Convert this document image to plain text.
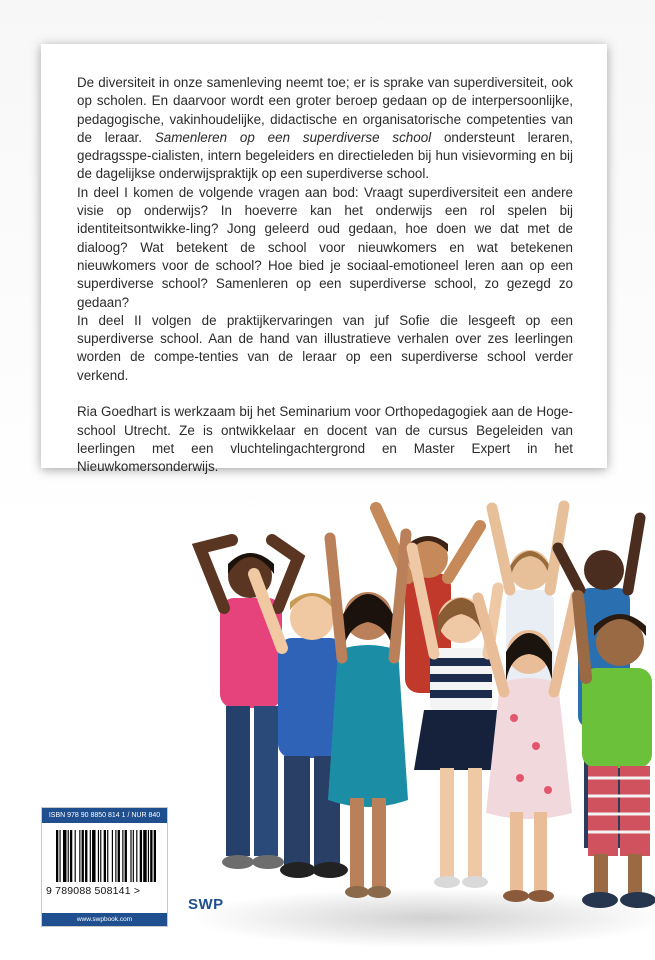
De diversiteit in onze samenleving neemt toe; er is sprake van superdiversiteit, ook op scholen. En daarvoor wordt een groter beroep gedaan op de interpersoonlijke, pedagogische, vakinhoudelijke, didactische en organisatorische competenties van de leraar. Samenleren op een superdiverse school ondersteunt leraren, gedragsspe-cialisten, intern begeleiders en directieleden bij hun visievorming en bij de dagelijkse onderwijspraktijk op een superdiverse school.

In deel I komen de volgende vragen aan bod: Vraagt superdiversiteit een andere visie op onderwijs? In hoeverre kan het onderwijs een rol spelen bij identiteitsontwikke-ling? Jong geleerd oud gedaan, hoe doen we dat met de dialoog? Wat betekent de school voor nieuwkomers en wat betekenen nieuwkomers voor de school? Hoe bied je sociaal-emotioneel leren aan op een superdiverse school? Samenleren op een superdiverse school, zo gezegd zo gedaan?

In deel II volgen de praktijkervaringen van juf Sofie die lesgeeft op een superdiverse school. Aan de hand van illustratieve verhalen over zes leerlingen worden de compe-tenties van de leraar op een superdiverse school verder verkend.

Ria Goedhart is werkzaam bij het Seminarium voor Orthopedagogiek aan de Hoge-school Utrecht. Ze is ontwikkelaar en docent van de cursus Begeleiden van leerlingen met een vluchtelingachtergrond en Master Expert in het Nieuwkomersonderwijs.

ISBN 978 90 8850 814 1 / NUR 840
9 789088 508141 >
www.swpbook.com
SWP
